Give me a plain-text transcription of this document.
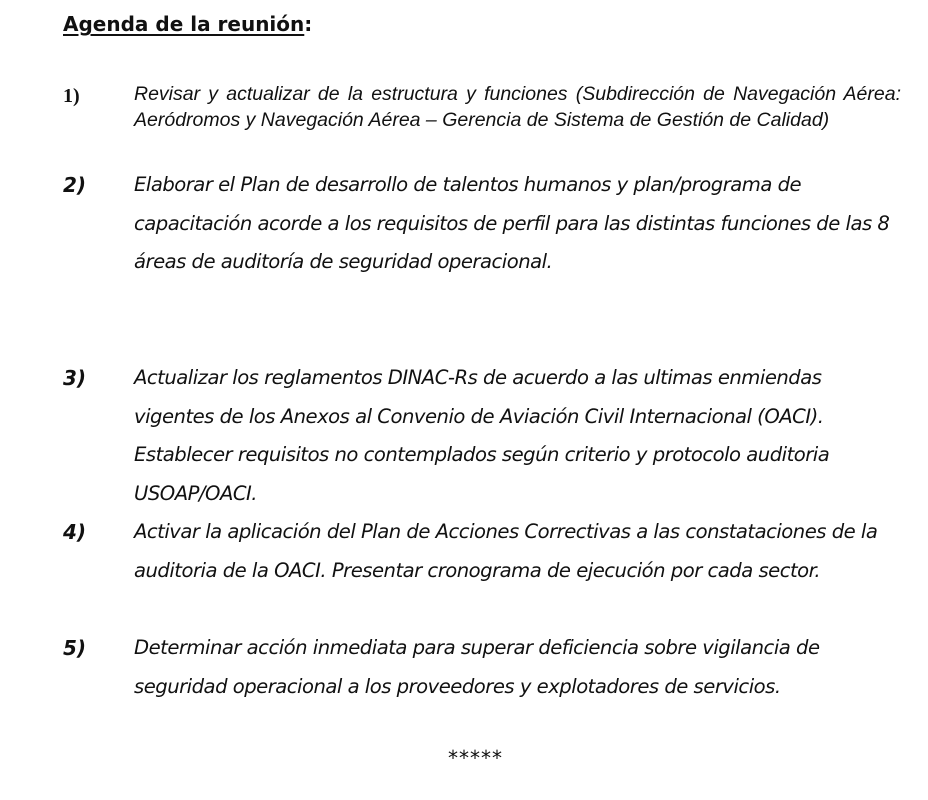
Agenda de la reunión:
1)	Revisar y actualizar de la estructura y funciones (Subdirección de Navegación Aérea: Aeródromos y Navegación Aérea – Gerencia de Sistema de Gestión de Calidad)
2) Elaborar el Plan de desarrollo de talentos humanos y plan/programa de capacitación acorde a los requisitos de perfil para las distintas funciones de las 8 áreas de auditoría de seguridad operacional.
3) Actualizar los reglamentos DINAC-Rs de acuerdo a las ultimas enmiendas vigentes de los Anexos al Convenio de Aviación Civil Internacional (OACI). Establecer requisitos no contemplados según criterio y protocolo auditoria USOAP/OACI.
4) Activar la aplicación del Plan de Acciones Correctivas a las constataciones de la auditoria de la OACI. Presentar cronograma de ejecución por cada sector.
5) Determinar acción inmediata para superar deficiencia sobre vigilancia de seguridad operacional a los proveedores y explotadores de servicios.
*****
